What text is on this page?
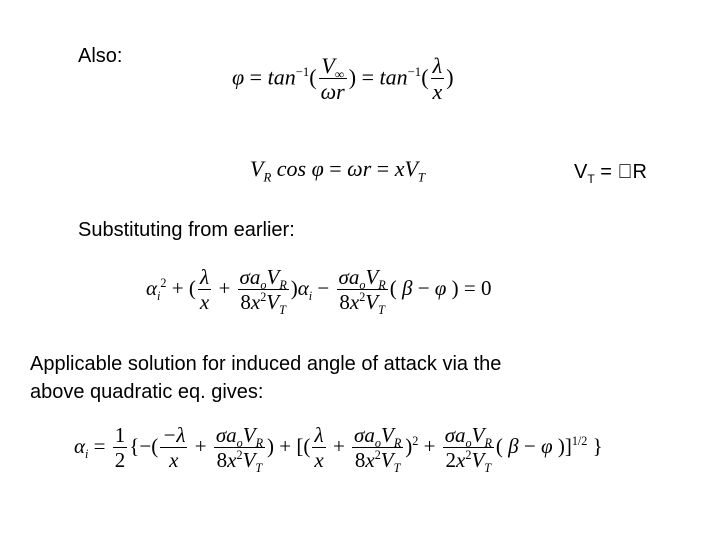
Also:
$V_T$ =  R
Substituting from earlier:
Applicable solution for induced angle of attack via the
above quadratic eq. gives:
$\varphi = \tan^{-1}( \frac{V_\infty}{\omega r}$ ) = $\tan^{-1}( \frac{\lambda}{x}$ )
$V_R$ $\cos \varphi = \omega r = xV_T$
$\alpha_i^2$ + ( $\frac{\lambda}{x} + \frac{\sigma a_oV_R}{8x^2V_T} )\alpha_i - \frac{\sigma a_oV_R}{8x^2V_T}$ ( β − φ ) = 0
$\alpha_i = \frac{1}{2}$ {−( $\frac{-\lambda}{x} + \frac{\sigma a_oV_R}{8x^2V_T}$ ) + [( $\frac{\lambda}{x} + \frac{\sigma a_oV_R}{8x^2V_T} )^2 + \frac{\sigma a_oV_R}{2x^2V_T}$ ( β − φ )]$^{1/2}$ }
